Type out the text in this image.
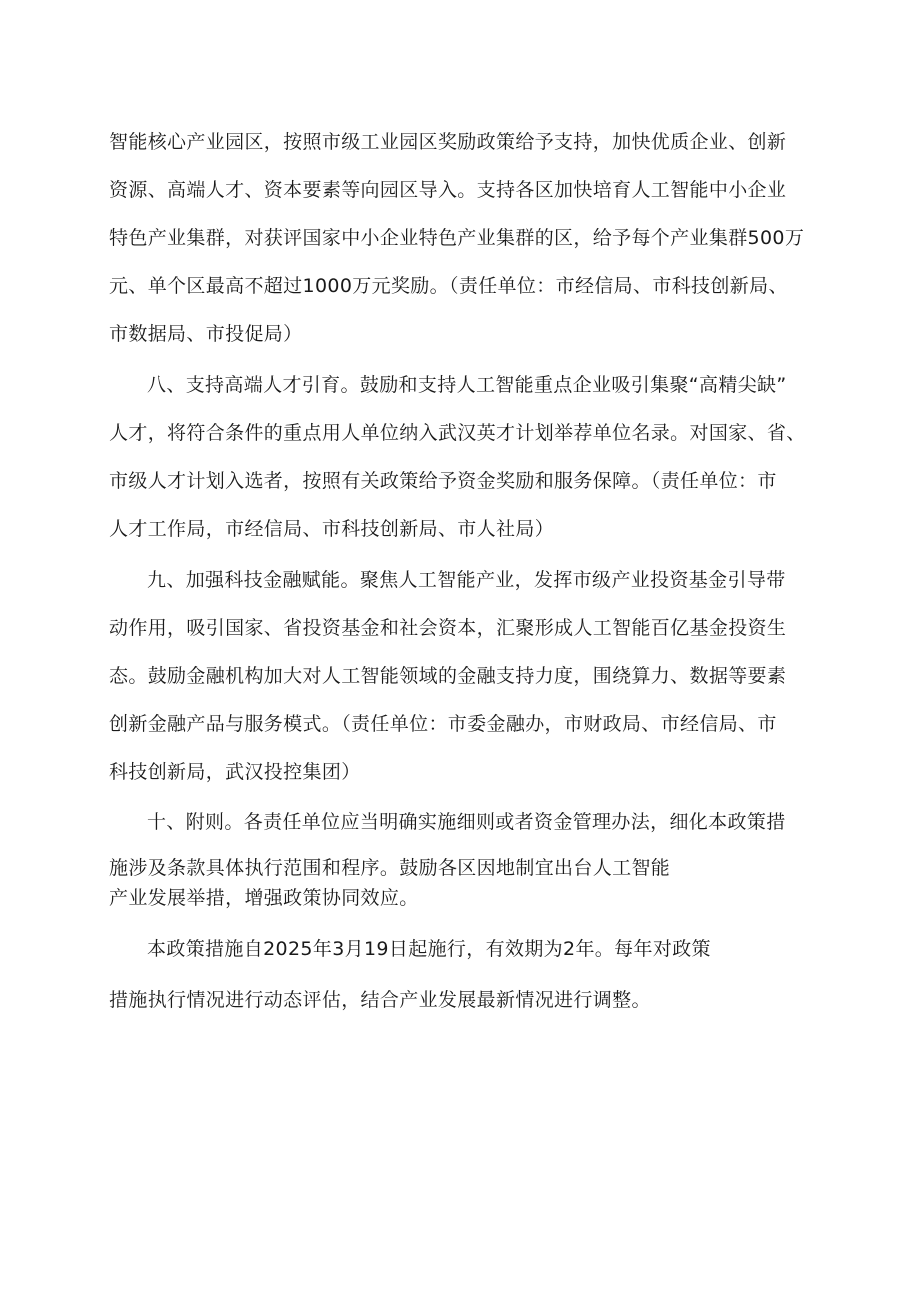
智能核心产业园区，按照市级工业园区奖励政策给予支持，加快优质企业、创新
资源、高端人才、资本要素等向园区导入。支持各区加快培育人工智能中小企业
特色产业集群，对获评国家中小企业特色产业集群的区，给予每个产业集群500万
元、单个区最高不超过1000万元奖励。（责任单位：市经信局、市科技创新局、
市数据局、市投促局）
八、支持高端人才引育。鼓励和支持人工智能重点企业吸引集聚“高精尖缺”
人才，将符合条件的重点用人单位纳入武汉英才计划举荐单位名录。对国家、省、
市级人才计划入选者，按照有关政策给予资金奖励和服务保障。（责任单位：市
人才工作局，市经信局、市科技创新局、市人社局）
九、加强科技金融赋能。聚焦人工智能产业，发挥市级产业投资基金引导带
动作用，吸引国家、省投资基金和社会资本，汇聚形成人工智能百亿基金投资生
态。鼓励金融机构加大对人工智能领域的金融支持力度，围绕算力、数据等要素
创新金融产品与服务模式。（责任单位：市委金融办，市财政局、市经信局、市
科技创新局，武汉投控集团）
十、附则。各责任单位应当明确实施细则或者资金管理办法，细化本政策措
施涉及条款具体执行范围和程序。鼓励各区因地制宜出台人工智能
产业发展举措，增强政策协同效应。
本政策措施自2025年3月19日起施行，有效期为2年。每年对政策
措施执行情况进行动态评估，结合产业发展最新情况进行调整。
